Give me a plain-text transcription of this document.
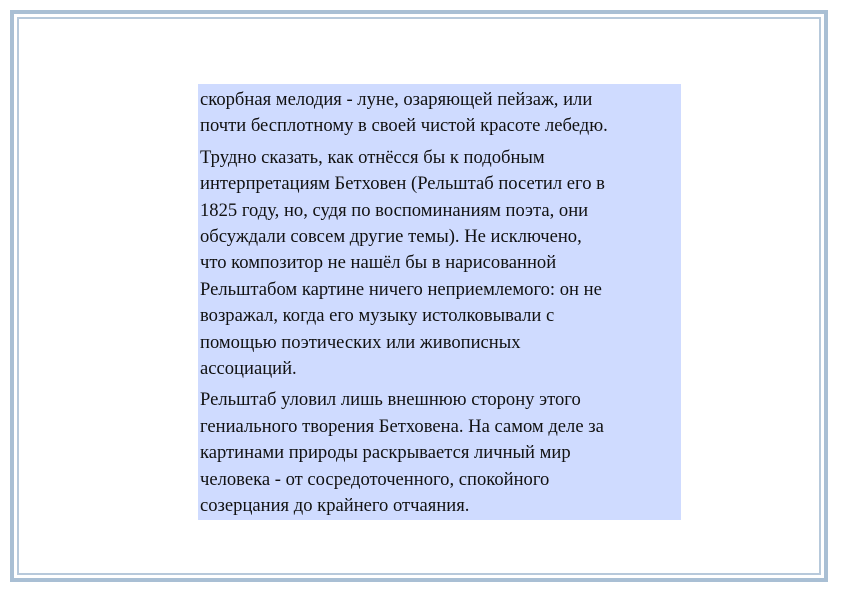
скорбная мелодия - луне, озаряющей пейзаж, или
почти бесплотному в своей чистой красоте лебедю.

Трудно сказать, как отнёсся бы к подобным
интерпретациям Бетховен (Рельштаб посетил его в
1825 году, но, судя по воспоминаниям поэта, они
обсуждали совсем другие темы). Не исключено,
что композитор не нашёл бы в нарисованной
Рельштабом картине ничего неприемлемого: он не
возражал, когда его музыку истолковывали с
помощью поэтических или живописных
ассоциаций.

Рельштаб уловил лишь внешнюю сторону этого
гениального творения Бетховена. На самом деле за
картинами природы раскрывается личный мир
человека - от сосредоточенного, спокойного
созерцания до крайнего отчаяния.
